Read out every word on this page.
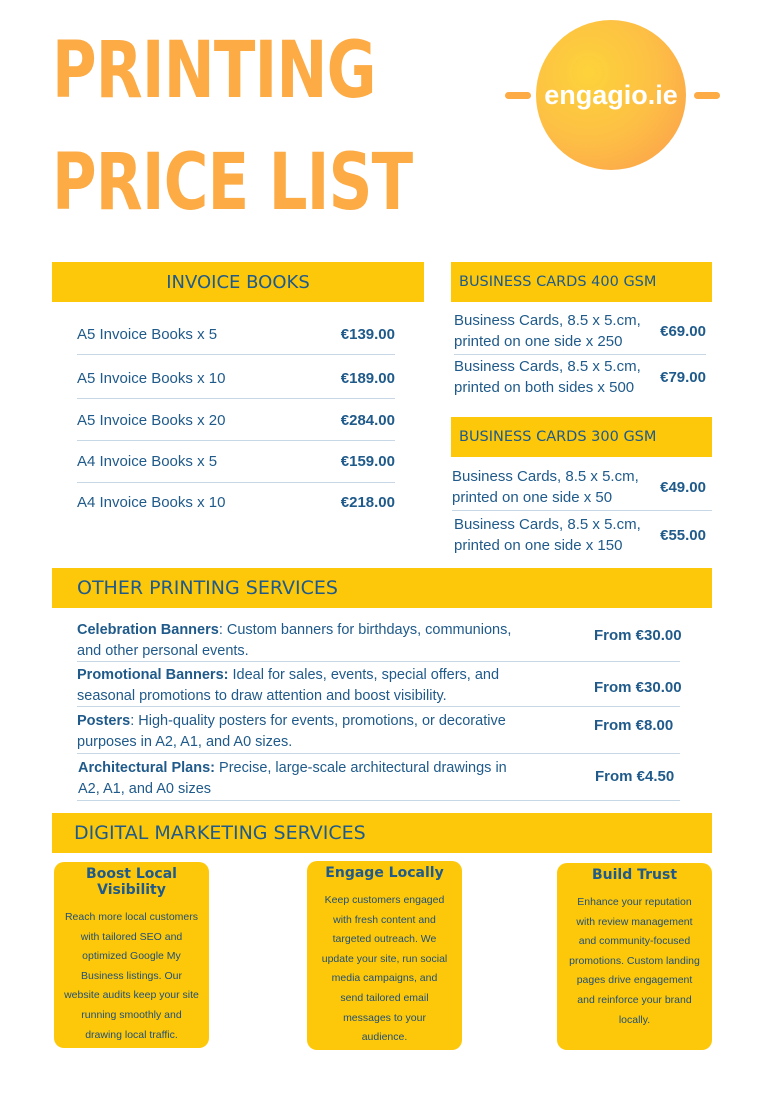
PRINTING
PRICE LIST
engagio.ie
INVOICE BOOKS
A5 Invoice Books x 5	€139.00
A5 Invoice Books x 10	€189.00
A5 Invoice Books x 20	€284.00
A4 Invoice Books x 5	€159.00
A4 Invoice Books x 10	€218.00
BUSINESS CARDS 400 GSM
Business Cards, 8.5 x 5.cm,
printed on one side x 250
€69.00
Business Cards, 8.5 x 5.cm,
printed on both sides x 500
€79.00
BUSINESS CARDS 300 GSM
Business Cards, 8.5 x 5.cm,
printed on one side x 50
€49.00
Business Cards, 8.5 x 5.cm,
printed on one side x 150
€55.00
OTHER PRINTING SERVICES
Celebration Banners: Custom banners for birthdays, communions,
and other personal events.
From €30.00
Promotional Banners: Ideal for sales, events, special offers, and
seasonal promotions to draw attention and boost visibility.	From €30.00
Posters: High-quality posters for events, promotions, or decorative
purposes in A2, A1, and A0 sizes.
From €8.00
Architectural Plans: Precise, large-scale architectural drawings in
A2, A1, and A0 sizes
From €4.50
DIGITAL MARKETING SERVICES
Boost Local Visibility
Reach more local customers
with tailored SEO and
optimized Google My
Business listings. Our
website audits keep your site
running smoothly and
drawing local traffic.
Engage Locally
Keep customers engaged
with fresh content and
targeted outreach. We
update your site, run social
media campaigns, and
send tailored email
messages to your
audience.
Build Trust
Enhance your reputation
with review management
and community-focused
promotions. Custom landing
pages drive engagement
and reinforce your brand
locally.
